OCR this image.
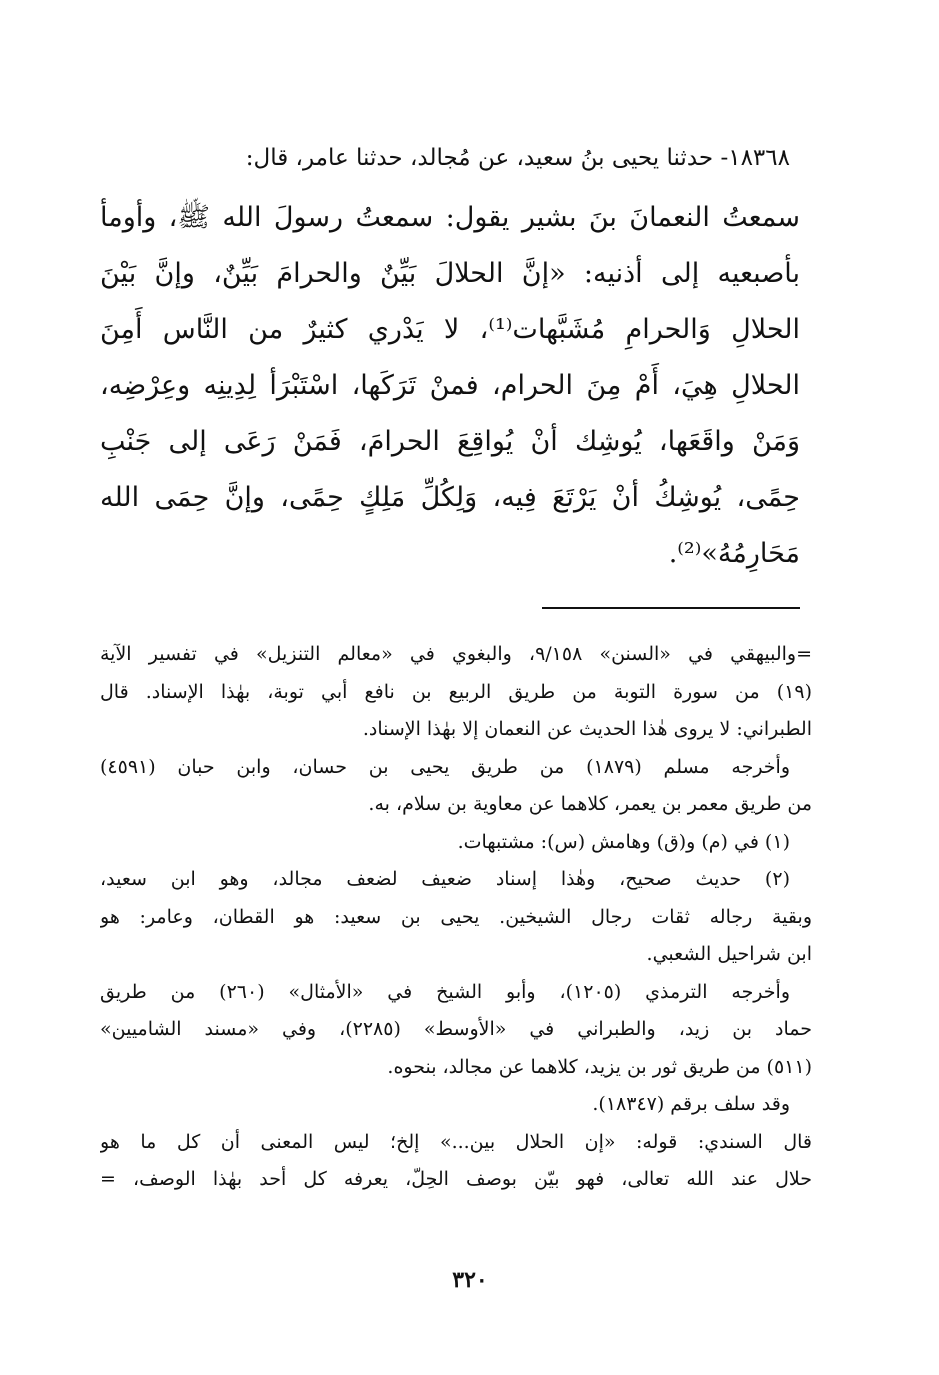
١٨٣٦٨- حدثنا يحيى بنُ سعيد، عن مُجالد، حدثنا عامر، قال:
سمعتُ النعمانَ بنَ بشير يقول: سمعتُ رسولَ الله ﷺ، وأومأ
بأصبعيه إلى أذنيه: «إنَّ الحلالَ بَيِّنٌ والحرامَ بَيِّنٌ، وإنَّ بَيْنَ
الحلالِ وَالحرامِ مُشَبَّهات⁽¹⁾، لا يَدْري كثيرٌ من النَّاس أَمِنَ
الحلالِ هِيَ، أَمْ مِنَ الحرام، فمنْ تَرَكَها، اسْتَبْرَأ لِدِينِه وعِرْضِه،
وَمَنْ واقَعَها، يُوشِك أنْ يُواقِعَ الحرامَ، فَمَنْ رَعَى إلى جَنْبِ
حِمًى، يُوشِكُ أنْ يَرْتَعَ فِيه، وَلِكُلِّ مَلِكٍ حِمًى، وإنَّ حِمَى الله
مَحَارِمُهُ»⁽²⁾.
=والبيهقي في «السنن» ٩/١٥٨، والبغوي في «معالم التنزيل» في تفسير الآية
(١٩) من سورة التوبة من طريق الربيع بن نافع أبي توبة، بهٰذا الإسناد. قال
الطبراني: لا يروى هٰذا الحديث عن النعمان إلا بهٰذا الإسناد.
وأخرجه مسلم (١٨٧٩) من طريق يحيى بن حسان، وابن حبان (٤٥٩١)
من طريق معمر بن يعمر، كلاهما عن معاوية بن سلام، به.
(١) في (م) و(ق) وهامش (س): مشتبهات.
(٢) حديث صحيح، وهٰذا إسناد ضعيف لضعف مجالد، وهو ابن سعيد،
وبقية رجاله ثقات رجال الشيخين. يحيى بن سعيد: هو القطان، وعامر: هو
ابن شراحيل الشعبي.
وأخرجه الترمذي (١٢٠٥)، وأبو الشيخ في «الأمثال» (٢٦٠) من طريق
حماد بن زيد، والطبراني في «الأوسط» (٢٢٨٥)، وفي «مسند الشاميين»
(٥١١) من طريق ثور بن يزيد، كلاهما عن مجالد، بنحوه.
وقد سلف برقم (١٨٣٤٧).
قال السندي: قوله: «إن الحلال بين...» إلخ؛ ليس المعنى أن كل ما هو
حلال عند الله تعالى، فهو بيّن بوصف الحِلّ، يعرفه كل أحد بهٰذا الوصف، =
٣٢٠
